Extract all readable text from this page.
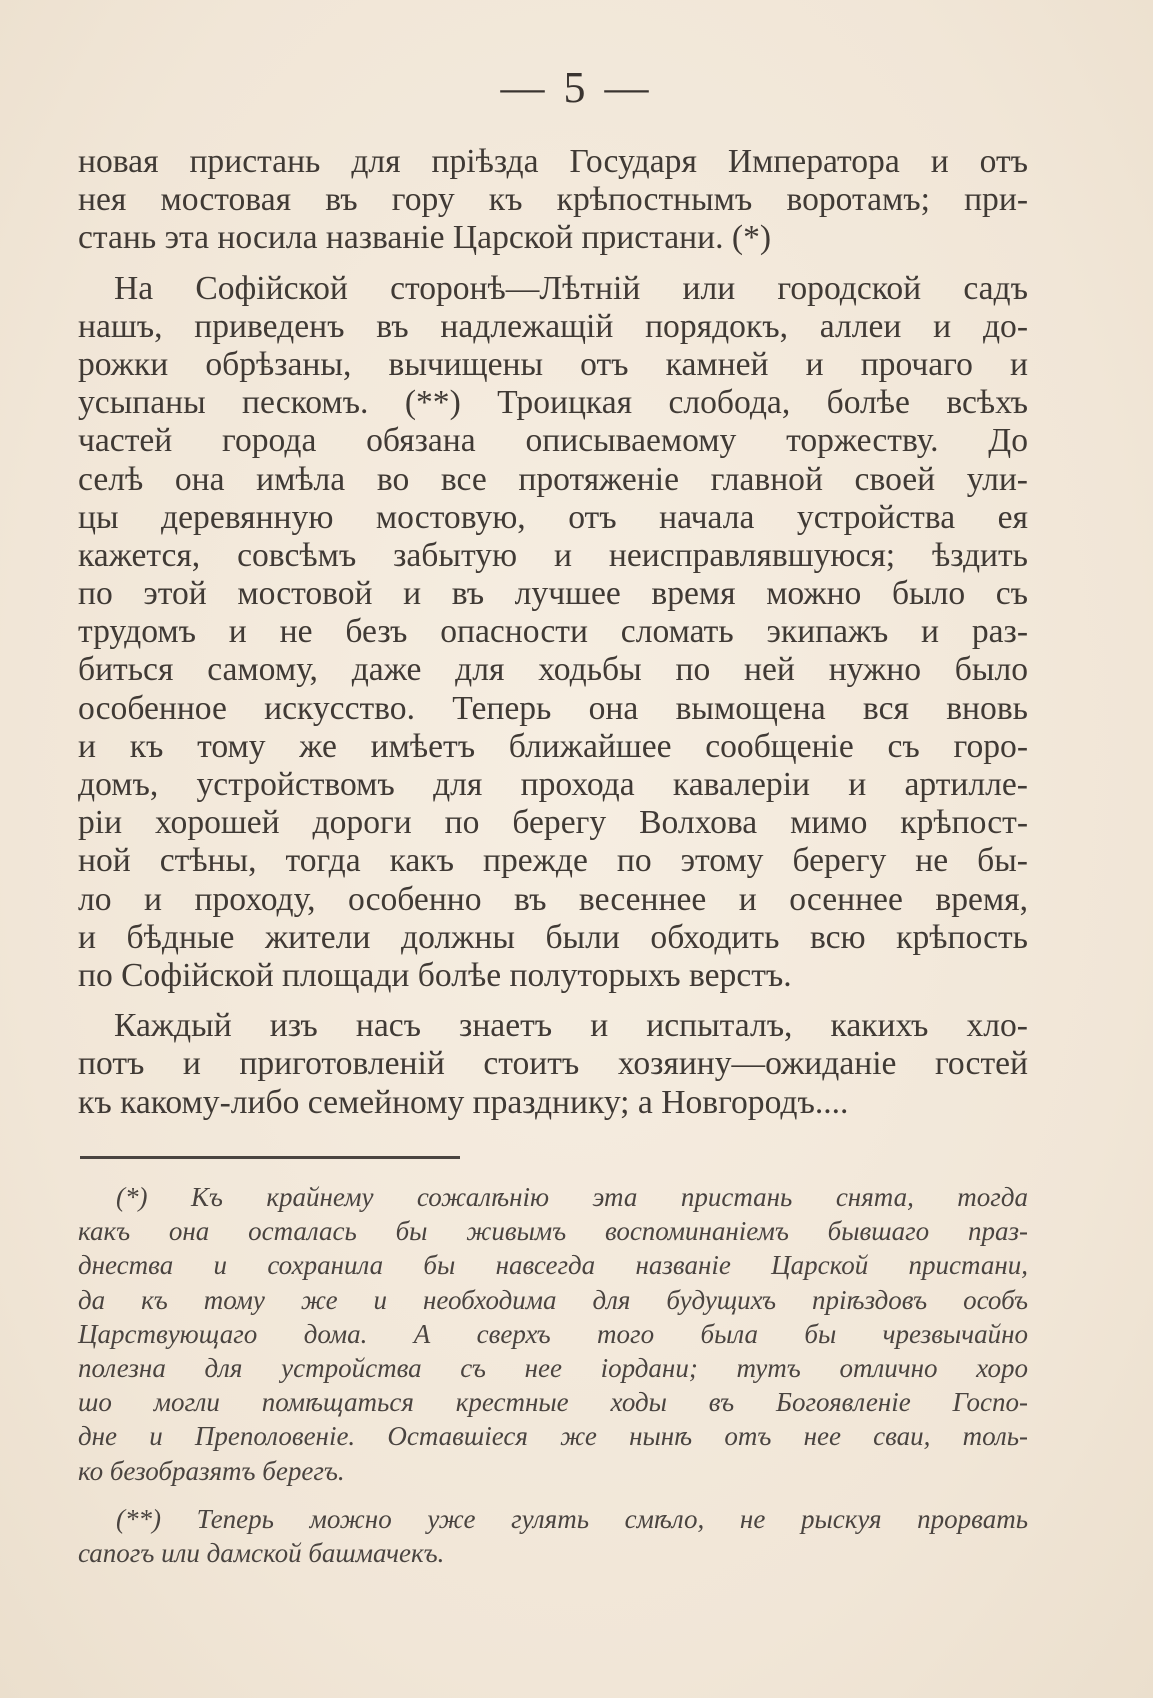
— 5 —
новая пристань для прiѣзда Государя Императора и отъ
нея мостовая въ гору къ крѣпостнымъ воротамъ; при-
стань эта носила названiе Царской пристани. (*)
На Софiйской сторонѣ—Лѣтнiй или городской садъ
нашъ, приведенъ въ надлежащiй порядокъ, аллеи и до-
рожки обрѣзаны, вычищены отъ камней и прочаго и
усыпаны пескомъ. (**) Троицкая слобода, болѣе всѣхъ
частей города обязана описываемому торжеству. До
селѣ она имѣла во все протяженiе главной своей ули-
цы деревянную мостовую, отъ начала устройства ея
кажется, совсѣмъ забытую и неисправлявшуюся; ѣздить
по этой мостовой и въ лучшее время можно было съ
трудомъ и не безъ опасности сломать экипажъ и раз-
биться самому, даже для ходьбы по ней нужно было
особенное искусство. Теперь она вымощена вся вновь
и къ тому же имѣетъ ближайшее сообщенiе съ горо-
домъ, устройствомъ для прохода кавалерiи и артилле-
рiи хорошей дороги по берегу Волхова мимо крѣпост-
ной стѣны, тогда какъ прежде по этому берегу не бы-
ло и проходу, особенно въ весеннее и осеннее время,
и бѣдные жители должны были обходить всю крѣпость
по Софiйской площади болѣе полуторыхъ верстъ.
Каждый изъ насъ знаетъ и испыталъ, какихъ хло-
потъ и приготовленiй стоитъ хозяину—ожиданiе гостей
къ какому-либо семейному празднику; а Новгородъ....
(*) Къ крайнему сожалѣнiю эта пристань снята, тогда
какъ она осталась бы живымъ воспоминанiемъ бывшаго праз-
днества и сохранила бы навсегда названiе Царской пристани,
да къ тому же и необходима для будущихъ прiѣздовъ особъ
Царствующаго дома. А сверхъ того была бы чрезвычайно
полезна для устройства съ нее iордани; тутъ отлично хоро
шо могли помѣщаться крестные ходы въ Богоявленiе Госпо-
дне и Преполовенiе. Оставшiеся же нынѣ отъ нее сваи, толь-
ко безобразятъ берегъ.
(**) Теперь можно уже гулять смѣло, не рыскуя прорвать
сапогъ или дамской башмачекъ.
